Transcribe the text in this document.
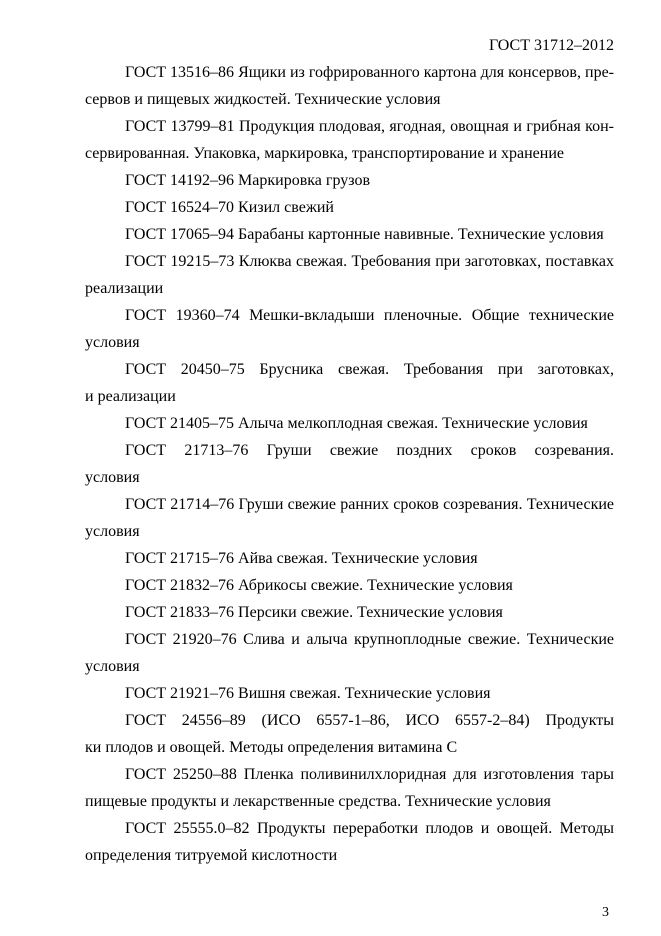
ГОСТ 31712–2012
ГОСТ 13516–86 Ящики из гофрированного картона для консервов, пре-
сервов и пищевых жидкостей. Технические условия
ГОСТ 13799–81 Продукция плодовая, ягодная, овощная и грибная кон-
сервированная. Упаковка, маркировка, транспортирование и хранение
ГОСТ 14192–96 Маркировка грузов
ГОСТ 16524–70 Кизил свежий
ГОСТ 17065–94 Барабаны картонные навивные. Технические условия
ГОСТ 19215–73 Клюква свежая. Требования при заготовках, поставках
реализации
ГОСТ 19360–74 Мешки-вкладыши пленочные. Общие технические
условия
ГОСТ 20450–75 Брусника свежая. Требования при заготовках,
и реализации
ГОСТ 21405–75 Алыча мелкоплодная свежая. Технические условия
ГОСТ 21713–76 Груши свежие поздних сроков созревания.
условия
ГОСТ 21714–76 Груши свежие ранних сроков созревания. Технические
условия
ГОСТ 21715–76 Айва свежая. Технические условия
ГОСТ 21832–76 Абрикосы свежие. Технические условия
ГОСТ 21833–76 Персики свежие. Технические условия
ГОСТ 21920–76 Слива и алыча крупноплодные свежие. Технические
условия
ГОСТ 21921–76 Вишня свежая. Технические условия
ГОСТ 24556–89 (ИСО 6557-1–86, ИСО 6557-2–84) Продукты
ки плодов и овощей. Методы определения витамина С
ГОСТ 25250–88 Пленка поливинилхлоридная для изготовления тары
пищевые продукты и лекарственные средства. Технические условия
ГОСТ 25555.0–82 Продукты переработки плодов и овощей. Методы
определения титруемой кислотности
3
